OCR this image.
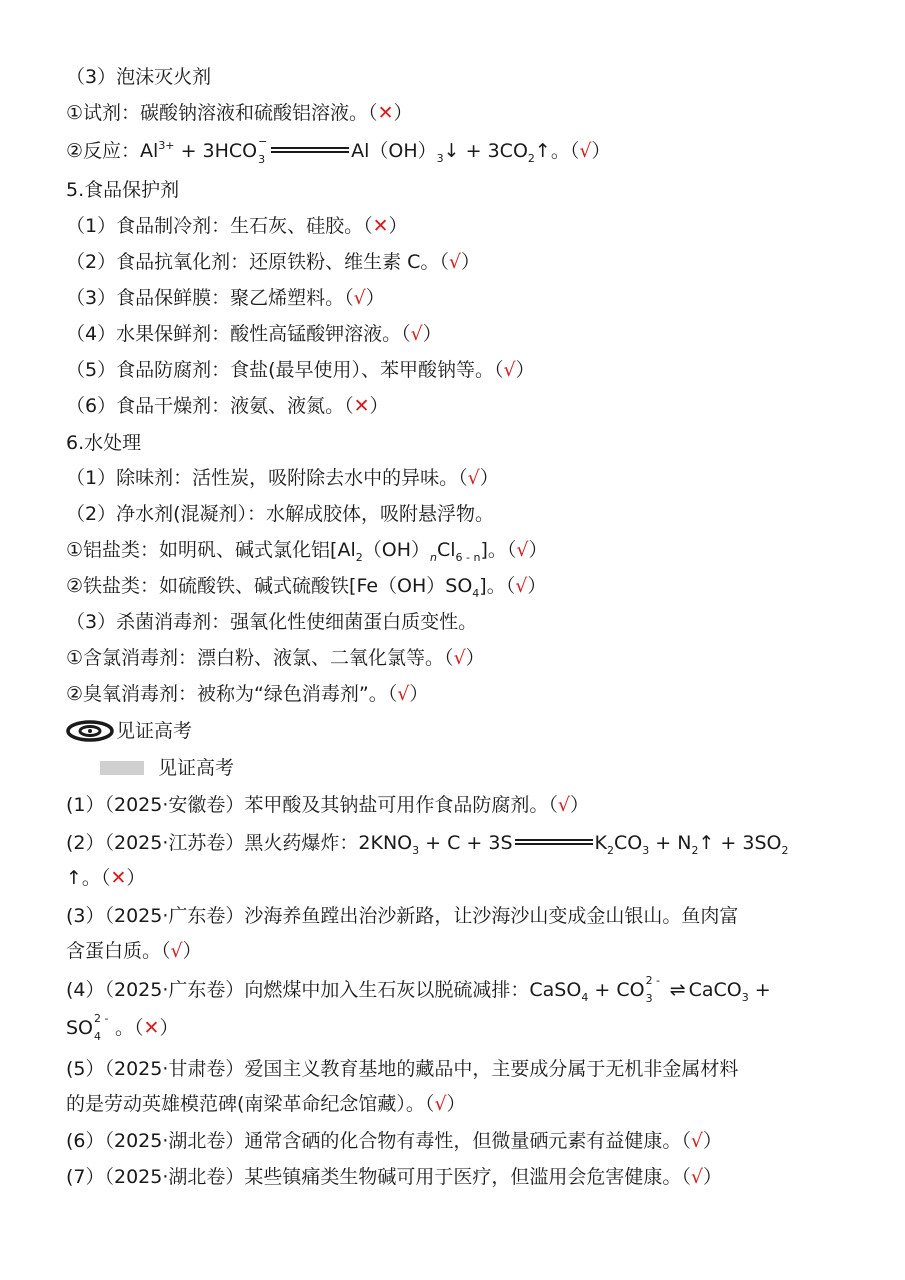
（3）泡沫灭火剂
①试剂：碳酸钠溶液和硫酸铝溶液。（✕）
②反应：$Al^{3+} + 3HCO$ −
3	$Al(OH)_3↓$ + $3CO_2↑$。（√）
5.食品保护剂
（1）食品制冷剂：生石灰、硅胶。（✕）
（2）食品抗氧化剂：还原铁粉、维生素 C。（√）
（3）食品保鲜膜：聚乙烯塑料。（√）
（4）水果保鲜剂：酸性高锰酸钾溶液。（√）
（5）食品防腐剂：食盐(最早使用）、苯甲酸钠等。（√）
（6）食品干燥剂：液氨、液氮。（✕）
6.水处理
（1）除味剂：活性炭，吸附除去水中的异味。（√）
（2）净水剂(混凝剂）：水解成胶体，吸附悬浮物。
①铝盐类：如明矾、碱式氯化铝$[Al_2(OH)_nCl_{6 - n}]$。（√）
②铁盐类：如硫酸铁、碱式硫酸铁$[Fe(OH)SO_4]$。（√）
（3）杀菌消毒剂：强氧化性使细菌蛋白质变性。
①含氯消毒剂：漂白粉、液氯、二氧化氯等。（√）
②臭氧消毒剂：被称为“绿色消毒剂”。（√）
见证高考
见证高考
(1）（2025·安徽卷）苯甲酸及其钠盐可用作食品防腐剂。（√）
(2）（2025·江苏卷）黑火药爆炸：$2KNO_3 + C + 3S$	$K_2CO_3$ + $N_2↑ + 3SO_2$
↑。（✕）
(3）（2025·广东卷）沙海养鱼蹚出治沙新路，让沙海沙山变成金山银山。鱼肉富
含蛋白质。（√）
(4）（2025·广东卷）向燃煤中加入生石灰以脱硫减排：CaSO$_4$ + CO 2 -
3 ⇌ CaCO$_3$ +
SO 2 -
4 。（✕）
(5）（2025·甘肃卷）爱国主义教育基地的藏品中，主要成分属于无机非金属材料
的是劳动英雄模范碑(南梁革命纪念馆藏）。（√）
(6）（2025·湖北卷）通常含硒的化合物有毒性，但微量硒元素有益健康。（√）
(7）（2025·湖北卷）某些镇痛类生物碱可用于医疗，但滥用会危害健康。（√）
